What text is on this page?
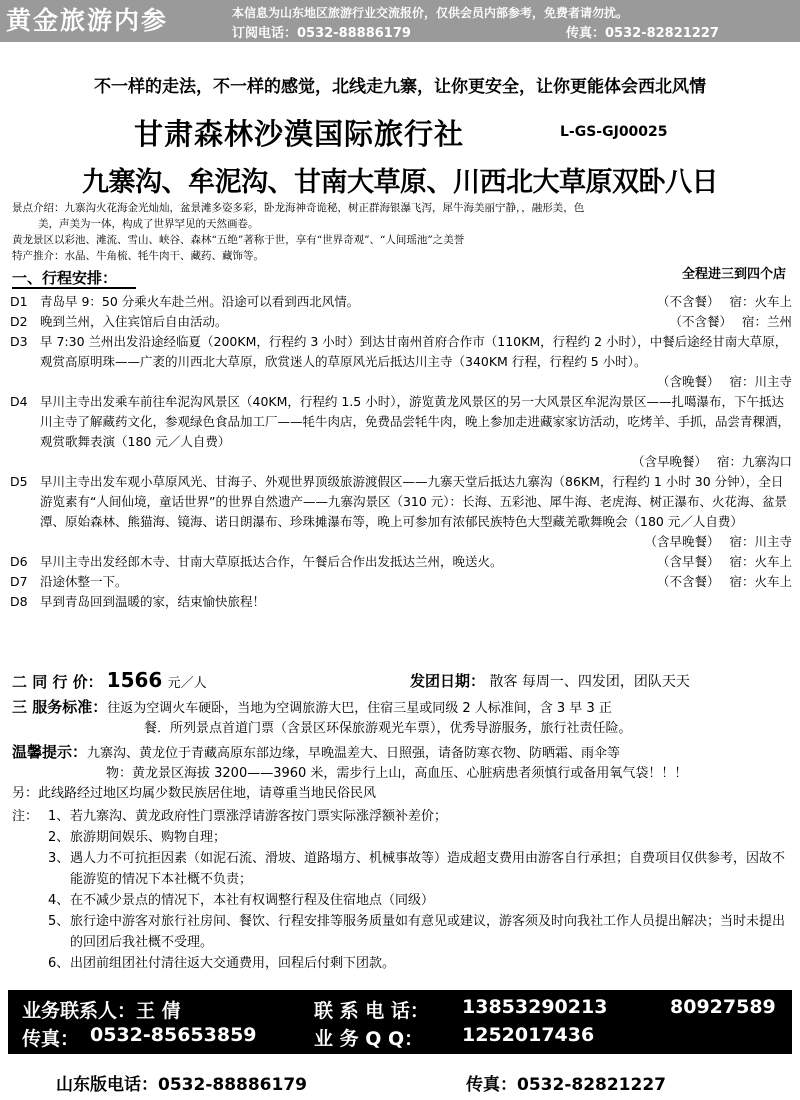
黄金旅游内参	本信息为山东地区旅游行业交流报价，仅供会员内部参考，免费者请勿扰。
订阅电话：0532-88886179	传真：0532-82821227
不一样的走法，不一样的感觉，北线走九寨，让你更安全，让你更能体会西北风情
甘肃森林沙漠国际旅行社	L-GS-GJ00025
九寨沟、牟泥沟、甘南大草原、川西北大草原双卧八日
景点介绍：九寨沟火花海金光灿灿，盆景滩多姿多彩，卧龙海神奇诡秘，树正群海银瀑飞泻，犀牛海美丽宁静，，融形美，色
美，声美为一体，构成了世界罕见的天然画卷。
黄龙景区以彩池、滩流、雪山、峡谷、森林“五绝”著称于世，享有“世界奇观”、“人间瑶池”之美誉
特产推介：水晶、牛角梳、牦牛肉干、藏药、藏饰等。
一、行程安排：	全程进三到四个店
D1 青岛早 9：50 分乘火车赴兰州。沿途可以看到西北风情。	（不含餐） 宿：火车上
D2 晚到兰州，入住宾馆后自由活动。	（不含餐） 宿：兰州
D3 早 7:30 兰州出发沿途经临夏（200KM，行程约 3 小时）到达甘南州首府合作市（110KM，行程约 2 小时），中餐后途经甘南大草原，观赏高原明珠——广袤的川西北大草原，欣赏迷人的草原风光后抵达川主寺（340KM 行程，行程约 5 小时）。
（含晚餐） 宿：川主寺
D4 早川主寺出发乘车前往牟泥沟风景区（40KM，行程约 1.5 小时），游览黄龙风景区的另一大风景区牟泥沟景区——扎噶瀑布，下午抵达川主寺了解藏药文化，参观绿色食品加工厂——牦牛肉店，免费品尝牦牛肉，晚上参加走进藏家家访活动，吃烤羊、手抓，品尝青稞酒，观赏歌舞表演（180 元／人自费）
（含早晚餐） 宿：九寨沟口
D5 早川主寺出发车观小草原风光、甘海子、外观世界顶级旅游渡假区——九寨天堂后抵达九寨沟（86KM，行程约 1 小时 30 分钟），全日游览素有“人间仙境，童话世界”的世界自然遗产——九寨沟景区（310 元）：长海、五彩池、犀牛海、老虎海、树正瀑布、火花海、盆景潭、原始森林、熊猫海、镜海、诺日朗瀑布、珍珠摊瀑布等，晚上可参加有浓郁民族特色大型藏羌歌舞晚会（180 元／人自费）
（含早晚餐） 宿：川主寺
D6 早川主寺出发经郎木寺、甘南大草原抵达合作，午餐后合作出发抵达兰州，晚送火。	（含早餐） 宿：火车上
D7 沿途休整一下。	（不含餐） 宿：火车上
D8 早到青岛回到温暖的家，结束愉快旅程！
二 同 行 价： 1566 元／人	发团日期： 散客 每周一、四发团，团队天天
三 服务标准：往返为空调火车硬卧，当地为空调旅游大巴，住宿三星或同级 2 人标准间，含 3 早 3 正
餐．所列景点首道门票（含景区环保旅游观光车票），优秀导游服务，旅行社责任险。
温馨提示：九寨沟、黄龙位于青藏高原东部边缘，早晚温差大、日照强，请备防寒衣物、防晒霜、雨伞等
物：黄龙景区海拔 3200——3960 米，需步行上山，高血压、心脏病患者须慎行或备用氧气袋！！！
另：此线路经过地区均属少数民族居住地，请尊重当地民俗民风
注： 1、 若九寨沟、黄龙政府性门票涨浮请游客按门票实际涨浮额补差价；
2、 旅游期间娱乐、购物自理；
3、 遇人力不可抗拒因素（如泥石流、滑坡、道路塌方、机械事故等）造成超支费用由游客自行承担；自费项目仅供参考，因故不能游览的情况下本社概不负责；
4、 在不减少景点的情况下，本社有权调整行程及住宿地点（同级）
5、 旅行途中游客对旅行社房间、餐饮、行程安排等服务质量如有意见或建议，游客须及时向我社工作人员提出解决；当时未提出的回团后我社概不受理。
6、 出团前组团社付清往返大交通费用，回程后付剩下团款。
业务联系人：王 倩	联 系 电 话： 13853290213	80927589
传真： 0532-85653859	业 务 Q Q： 1252017436
山东版电话：0532-88886179	传真：0532-82821227
